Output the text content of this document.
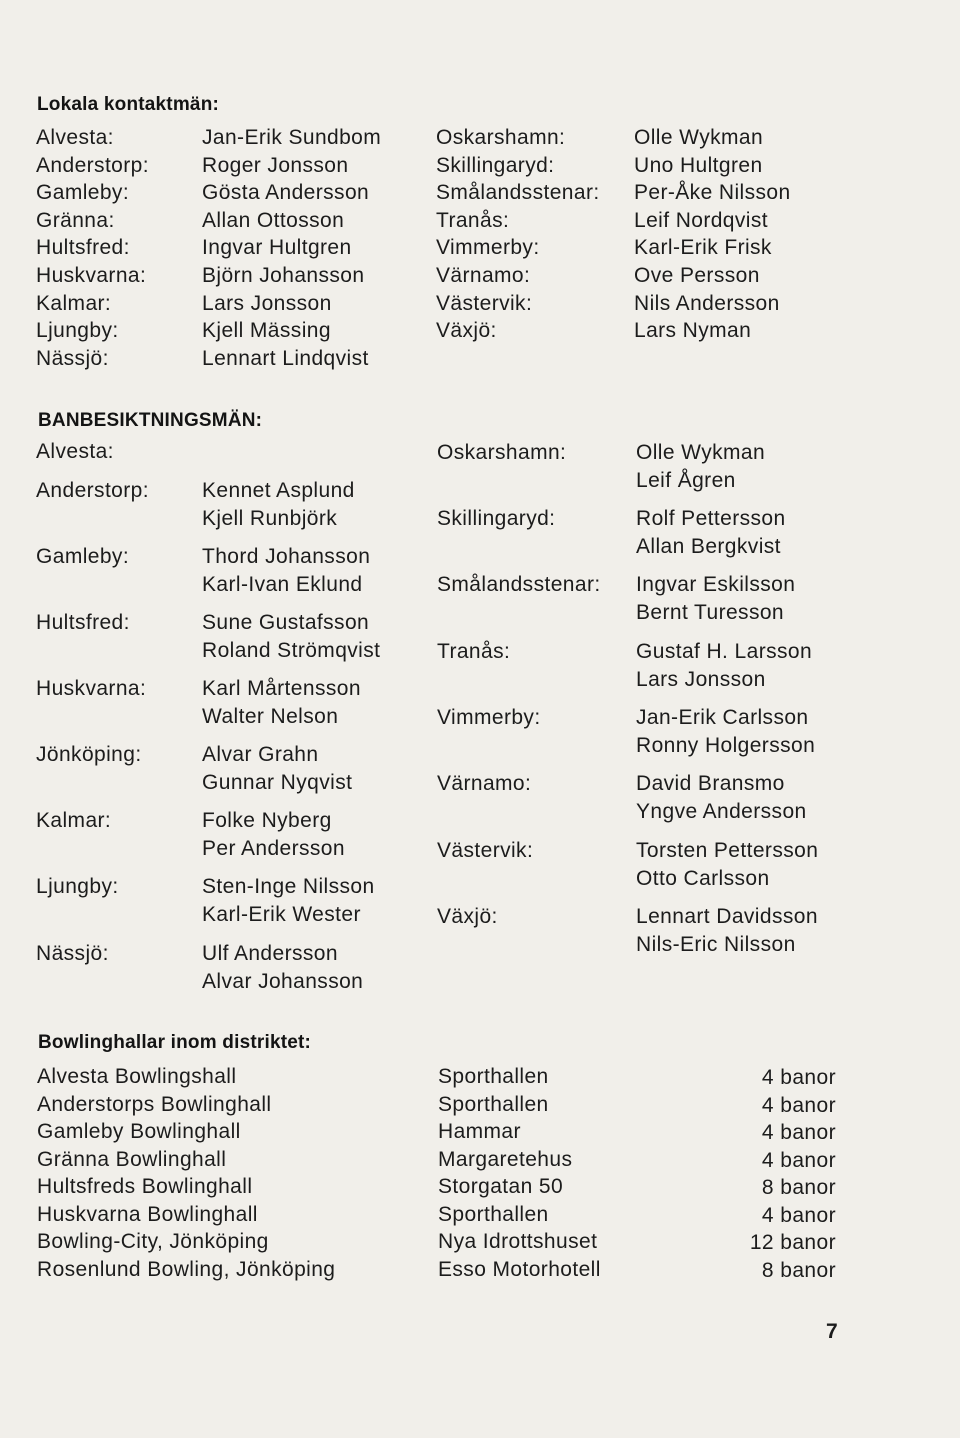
Lokala kontaktmän:
Alvesta:
Anderstorp:
Gamleby:
Gränna:
Hultsfred:
Huskvarna:
Kalmar:
Ljungby:
Nässjö:
Jan-Erik Sundbom
Roger Jonsson
Gösta Andersson
Allan Ottosson
Ingvar Hultgren
Björn Johansson
Lars Jonsson
Kjell Mässing
Lennart Lindqvist
Oskarshamn:
Skillingaryd:
Smålandsstenar:
Tranås:
Vimmerby:
Värnamo:
Västervik:
Växjö:
Olle Wykman
Uno Hultgren
Per-Åke Nilsson
Leif Nordqvist
Karl-Erik Frisk
Ove Persson
Nils Andersson
Lars Nyman
BANBESIKTNINGSMÄN:
Alvesta:
Anderstorp:
Gamleby:
Hultsfred:
Huskvarna:
Jönköping:
Kalmar:
Ljungby:
Nässjö:
Kennet Asplund
Kjell Runbjörk
Thord Johansson
Karl-Ivan Eklund
Sune Gustafsson
Roland Strömqvist
Karl Mårtensson
Walter Nelson
Alvar Grahn
Gunnar Nyqvist
Folke Nyberg
Per Andersson
Sten-Inge Nilsson
Karl-Erik Wester
Ulf Andersson
Alvar Johansson
Oskarshamn:
Skillingaryd:
Smålandsstenar:
Tranås:
Vimmerby:
Värnamo:
Västervik:
Växjö:
Olle Wykman
Leif Ågren
Rolf Pettersson
Allan Bergkvist
Ingvar Eskilsson
Bernt Turesson
Gustaf H. Larsson
Lars Jonsson
Jan-Erik Carlsson
Ronny Holgersson
David Bransmo
Yngve Andersson
Torsten Pettersson
Otto Carlsson
Lennart Davidsson
Nils-Eric Nilsson
Bowlinghallar inom distriktet:
Alvesta Bowlingshall
Anderstorps Bowlinghall
Gamleby Bowlinghall
Gränna Bowlinghall
Hultsfreds Bowlinghall
Huskvarna Bowlinghall
Bowling-City, Jönköping
Rosenlund Bowling, Jönköping
Sporthallen
Sporthallen
Hammar
Margaretehus
Storgatan 50
Sporthallen
Nya Idrottshuset
Esso Motorhotell
4 banor
4 banor
4 banor
4 banor
8 banor
4 banor
12 banor
8 banor
7
